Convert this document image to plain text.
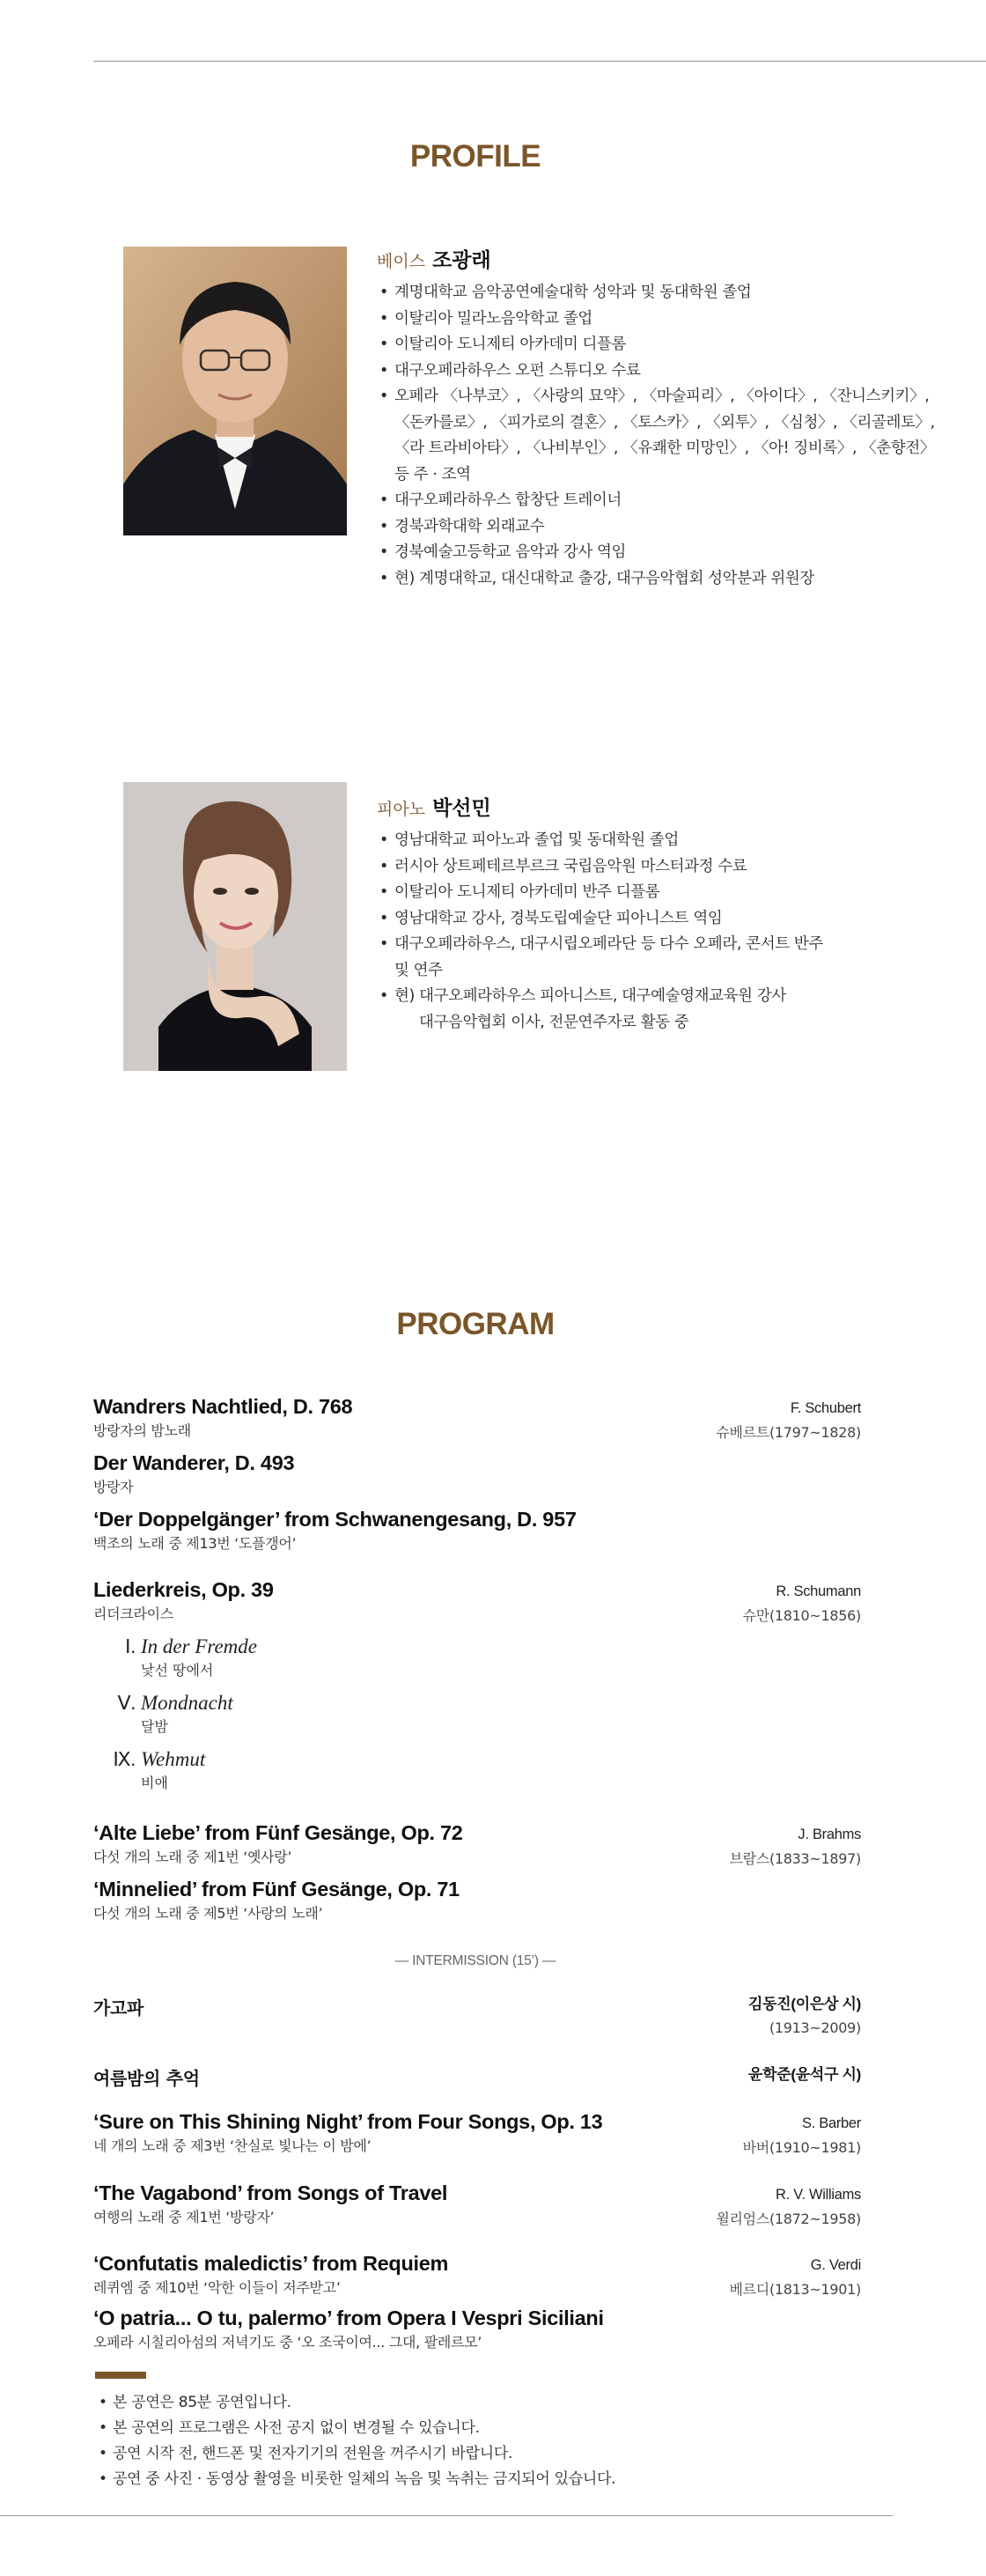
PROFILE
베이스 조광래
• 계명대학교 음악공연예술대학 성악과 및 동대학원 졸업
• 이탈리아 밀라노음악학교 졸업
• 이탈리아 도니제티 아카데미 디플롬
• 대구오페라하우스 오펀 스튜디오 수료
• 오페라 〈나부코〉, 〈사랑의 묘약〉, 〈마술피리〉, 〈아이다〉, 〈잔니스키키〉,
〈돈카를로〉, 〈피가로의 결혼〉, 〈토스카〉, 〈외투〉, 〈심청〉, 〈리골레토〉,
〈라 트라비아타〉, 〈나비부인〉, 〈유쾌한 미망인〉, 〈아! 징비록〉, 〈춘향전〉
등 주 · 조역
• 대구오페라하우스 합창단 트레이너
• 경북과학대학 외래교수
• 경북예술고등학교 음악과 강사 역임
• 현) 계명대학교, 대신대학교 출강, 대구음악협회 성악분과 위원장
피아노 박선민
• 영남대학교 피아노과 졸업 및 동대학원 졸업
• 러시아 상트페테르부르크 국립음악원 마스터과정 수료
• 이탈리아 도니제티 아카데미 반주 디플롬
• 영남대학교 강사, 경북도립예술단 피아니스트 역임
• 대구오페라하우스, 대구시립오페라단 등 다수 오페라, 콘서트 반주
및 연주
• 현) 대구오페라하우스 피아니스트, 대구예술영재교육원 강사
대구음악협회 이사, 전문연주자로 활동 중
PROGRAM
Wandrers Nachtlied, D. 768
방랑자의 밤노래
F. Schubert
슈베르트(1797~1828)
Der Wanderer, D. 493
방랑자
‘Der Doppelgänger’ from Schwanengesang, D. 957
백조의 노래 중 제13번 ‘도플갱어’
Liederkreis, Op. 39
리더크라이스
R. Schumann
슈만(1810~1856)
Ⅰ. In der Fremde
낯선 땅에서
Ⅴ. Mondnacht
달밤
Ⅸ. Wehmut
비애
‘Alte Liebe’ from Fünf Gesänge, Op. 72
다섯 개의 노래 중 제1번 ‘옛사랑’
J. Brahms
브람스(1833~1897)
‘Minnelied’ from Fünf Gesänge, Op. 71
다섯 개의 노래 중 제5번 ‘사랑의 노래’
— INTERMISSION (15’) —
가고파	김동진(이은상 시)
(1913~2009)
여름밤의 추억	윤학준(윤석구 시)
‘Sure on This Shining Night’ from Four Songs, Op. 13
네 개의 노래 중 제3번 ‘찬실로 빛나는 이 밤에’
S. Barber
바버(1910~1981)
‘The Vagabond’ from Songs of Travel
여행의 노래 중 제1번 ‘방랑자’
R. V. Williams
윌리엄스(1872~1958)
‘Confutatis maledictis’ from Requiem
레퀴엠 중 제10번 ‘악한 이들이 저주받고’
G. Verdi
베르디(1813~1901)
‘O patria... O tu, palermo’ from Opera I Vespri Siciliani
오페라 시칠리아섬의 저녁기도 중 ‘오 조국이여... 그대, 팔레르모’
• 본 공연은 85분 공연입니다.
• 본 공연의 프로그램은 사전 공지 없이 변경될 수 있습니다.
• 공연 시작 전, 핸드폰 및 전자기기의 전원을 꺼주시기 바랍니다.
• 공연 중 사진 · 동영상 촬영을 비롯한 일체의 녹음 및 녹취는 금지되어 있습니다.
